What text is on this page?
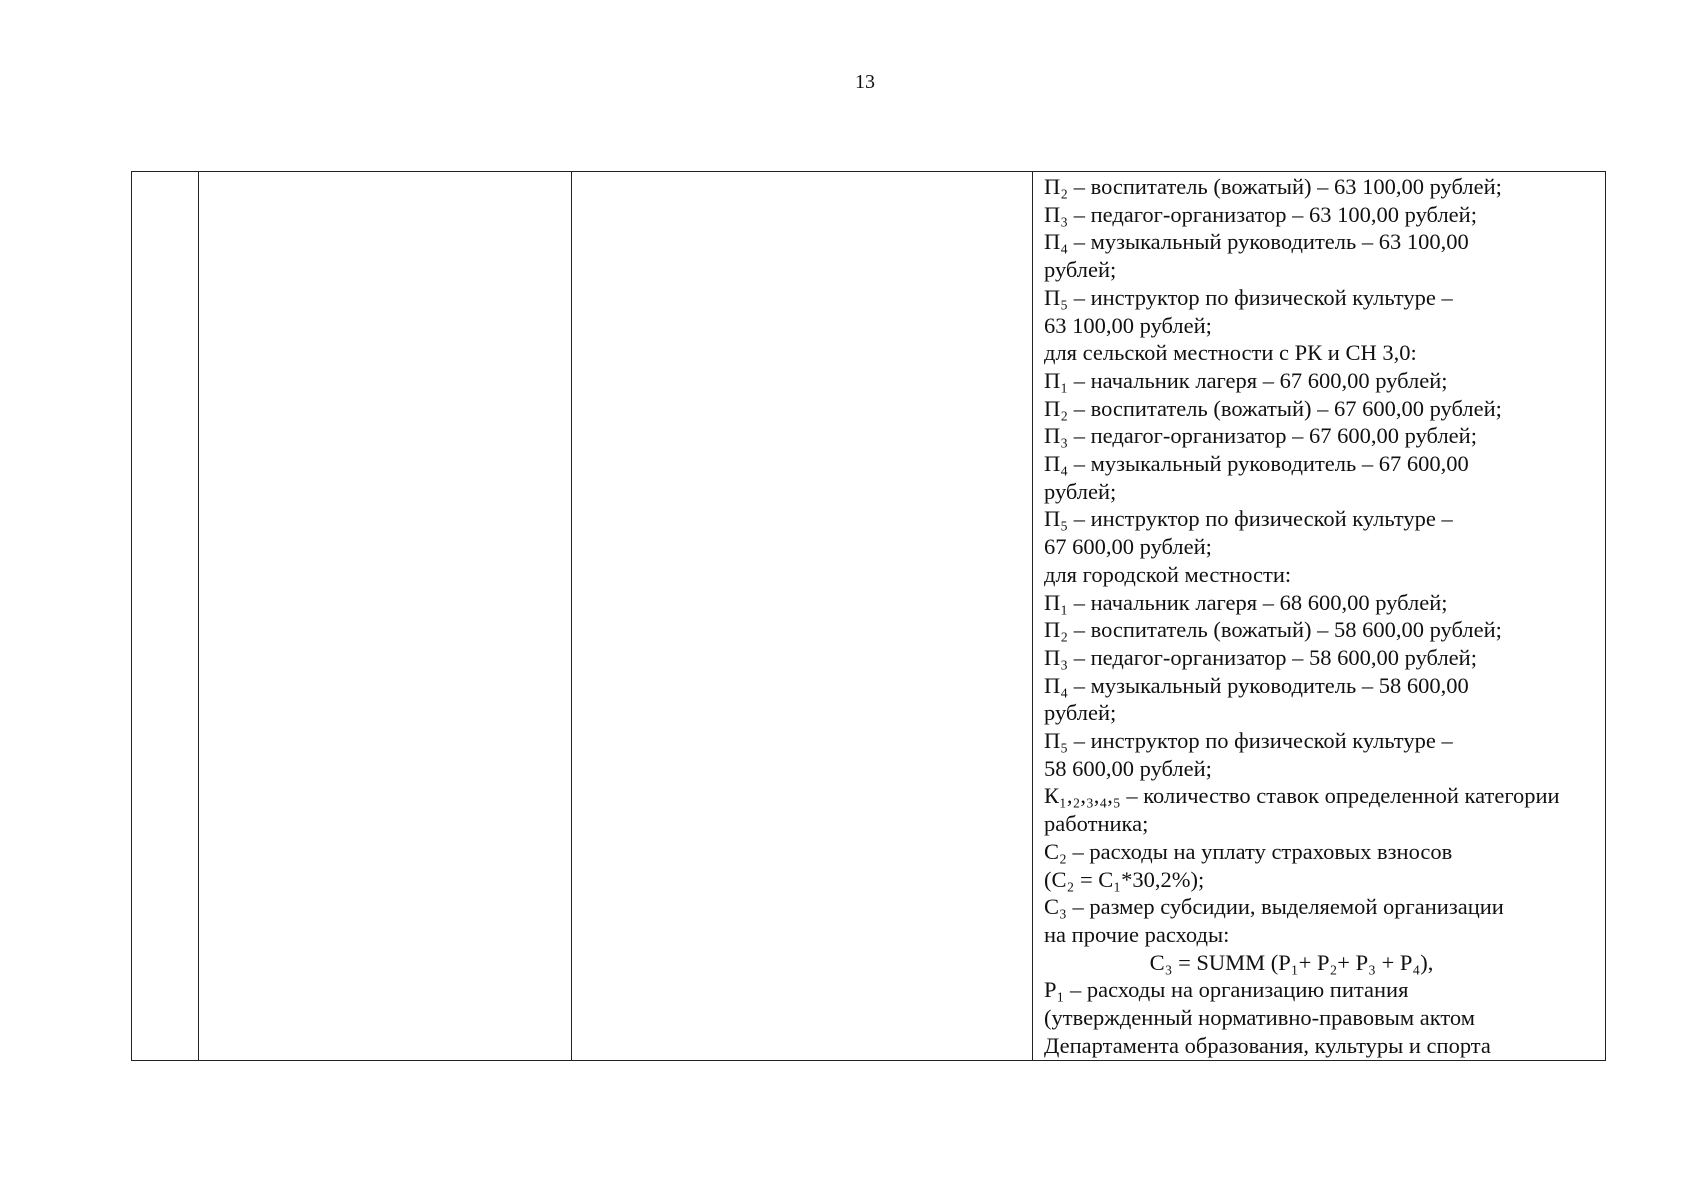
13

П₂ – воспитатель (вожатый) – 63 100,00 рублей;
П₃ – педагог-организатор – 63 100,00 рублей;
П₄ – музыкальный руководитель – 63 100,00
рублей;
П₅ – инструктор по физической культуре –
63 100,00 рублей;
для сельской местности с РК и СН 3,0:
П₁ – начальник лагеря – 67 600,00 рублей;
П₂ – воспитатель (вожатый) – 67 600,00 рублей;
П₃ – педагог-организатор – 67 600,00 рублей;
П₄ – музыкальный руководитель – 67 600,00
рублей;
П₅ – инструктор по физической культуре –
67 600,00 рублей;
для городской местности:
П₁ – начальник лагеря – 68 600,00 рублей;
П₂ – воспитатель (вожатый) – 58 600,00 рублей;
П₃ – педагог-организатор – 58 600,00 рублей;
П₄ – музыкальный руководитель – 58 600,00
рублей;
П₅ – инструктор по физической культуре –
58 600,00 рублей;
К₁,₂,₃,₄,₅ – количество ставок определенной категории
работника;
С₂ – расходы на уплату страховых взносов
(С₂ = С₁*30,2%);
С₃ – размер субсидии, выделяемой организации
на прочие расходы:
С₃ = SUMM (Р₁+ Р₂+ Р₃ + Р₄),
Р₁ – расходы на организацию питания
(утвержденный нормативно-правовым актом
Департамента образования, культуры и спорта
